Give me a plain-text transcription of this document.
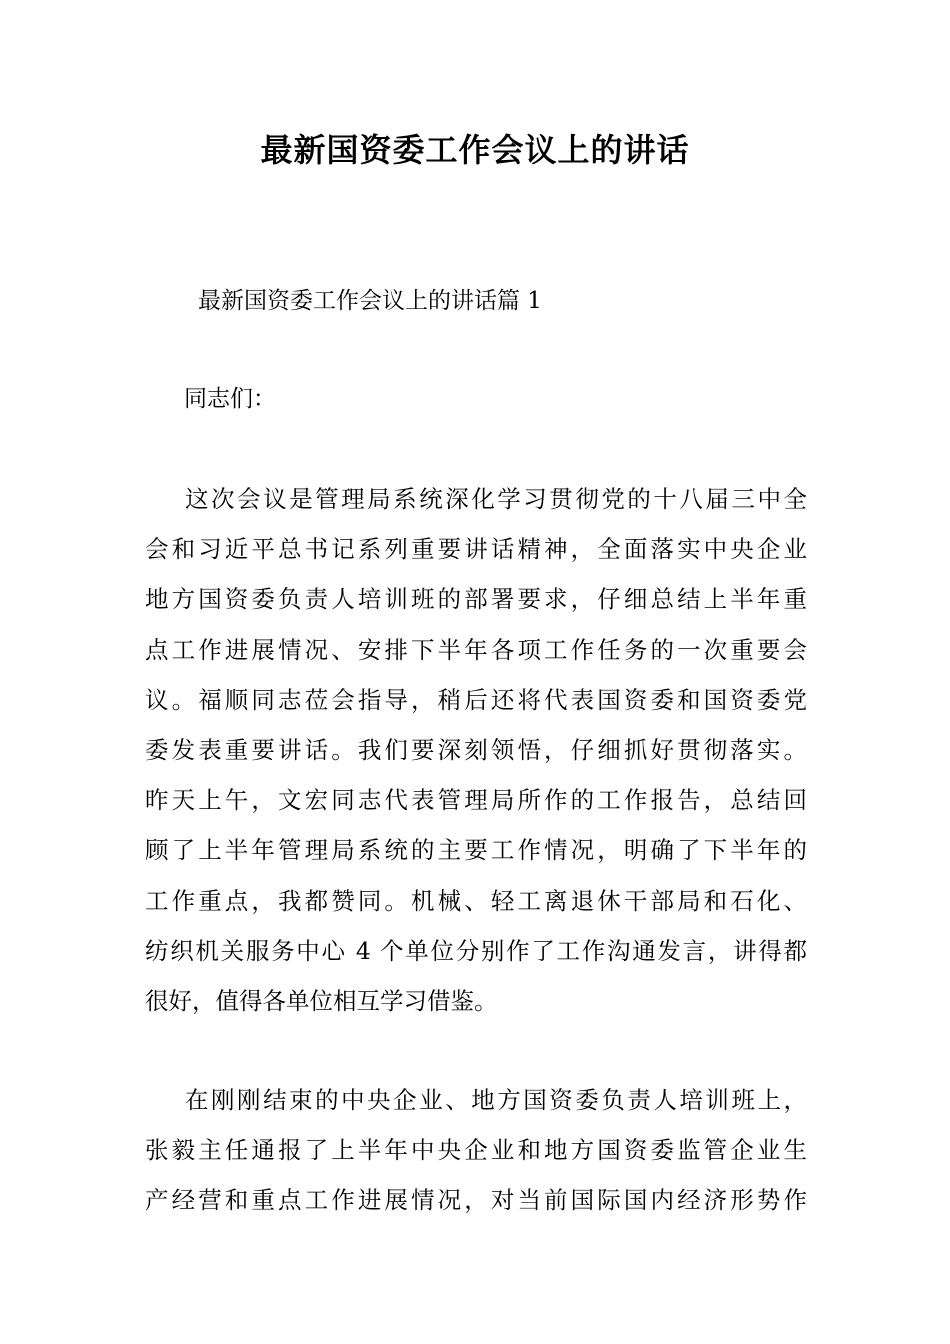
最新国资委工作会议上的讲话

最新国资委工作会议上的讲话篇 1

同志们：

这次会议是管理局系统深化学习贯彻党的十八届三中全
会和习近平总书记系列重要讲话精神，全面落实中央企业
地方国资委负责人培训班的部署要求，仔细总结上半年重
点工作进展情况、安排下半年各项工作任务的一次重要会
议。福顺同志莅会指导，稍后还将代表国资委和国资委党
委发表重要讲话。我们要深刻领悟，仔细抓好贯彻落实。
昨天上午，文宏同志代表管理局所作的工作报告，总结回
顾了上半年管理局系统的主要工作情况，明确了下半年的
工作重点，我都赞同。机械、轻工离退休干部局和石化、
纺织机关服务中心 4 个单位分别作了工作沟通发言，讲得都
很好，值得各单位相互学习借鉴。
在刚刚结束的中央企业、地方国资委负责人培训班上，
张毅主任通报了上半年中央企业和地方国资委监管企业生
产经营和重点工作进展情况，对当前国际国内经济形势作
